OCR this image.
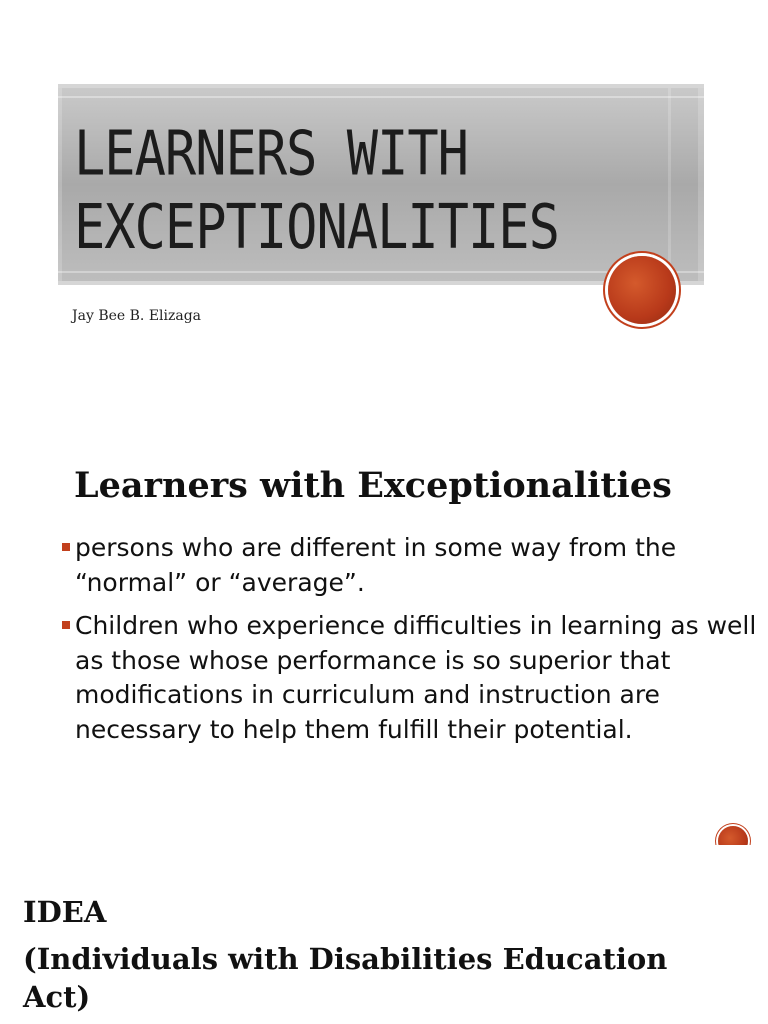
LEARNERS WITH EXCEPTIONALITIES

Jay Bee B. Elizaga

Learners with Exceptionalities
persons who are different in some way from the “normal” or “average”.
Children who experience difficulties in learning as well as those whose performance is so superior that modifications in curriculum and instruction are necessary to help them fulfill their potential.
IDEA
(Individuals with Disabilities Education Act)
